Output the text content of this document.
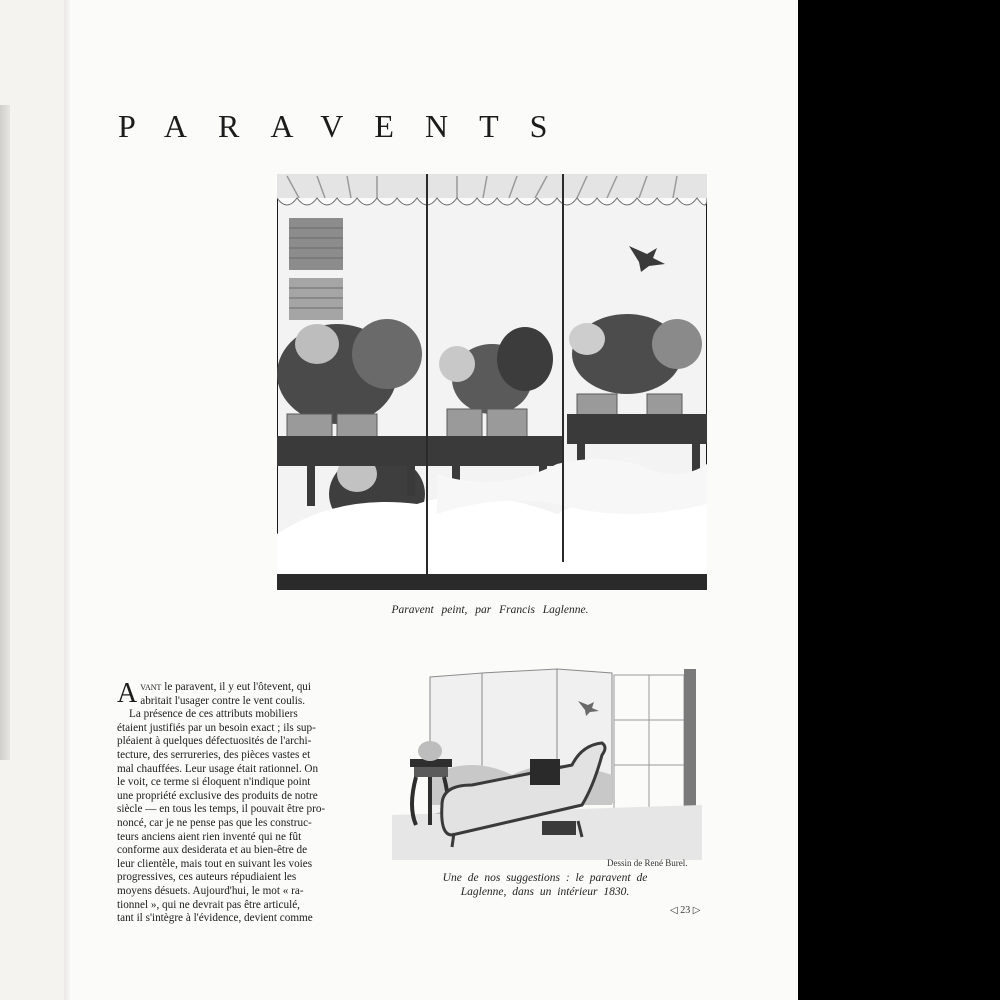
PARAVENTS
Paravent peint, par Francis Laglenne.

A vant le paravent, il y eut l'ôtevent, qui
abritait l'usager contre le vent coulis.
La présence de ces attributs mobiliers
étaient justifiés par un besoin exact ; ils sup-
pléaient à quelques défectuosités de l'archi-
tecture, des serrureries, des pièces vastes et
mal chauffées. Leur usage était rationnel. On
le voit, ce terme si éloquent n'indique point
une propriété exclusive des produits de notre
siècle — en tous les temps, il pouvait être pro-
noncé, car je ne pense pas que les construc-
teurs anciens aient rien inventé qui ne fût
conforme aux desiderata et au bien-être de
leur clientèle, mais tout en suivant les voies
progressives, ces auteurs répudiaient les
moyens désuets. Aujourd'hui, le mot « ra-
tionnel », qui ne devrait pas être articulé,
tant il s'intègre à l'évidence, devient comme

Dessin de René Burel.
Une de nos suggestions : le paravent de Laglenne, dans un intérieur 1830.
◁ 23 ▷
